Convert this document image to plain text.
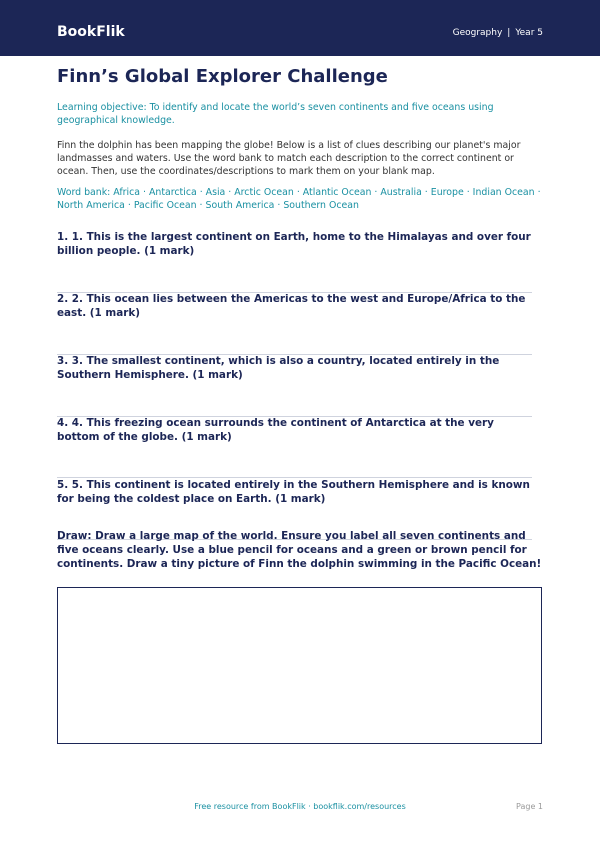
BookFlik	Geography | Year 5
Finn’s Global Explorer Challenge

Learning objective: To identify and locate the world’s seven continents and five oceans using geographical knowledge.

Finn the dolphin has been mapping the globe! Below is a list of clues describing our planet's major landmasses and waters. Use the word bank to match each description to the correct continent or ocean. Then, use the coordinates/descriptions to mark them on your blank map.

Word bank: Africa · Antarctica · Asia · Arctic Ocean · Atlantic Ocean · Australia · Europe · Indian Ocean · North America · Pacific Ocean · South America · Southern Ocean

1. 1. This is the largest continent on Earth, home to the Himalayas and over four billion people. (1 mark)

2. 2. This ocean lies between the Americas to the west and Europe/Africa to the east. (1 mark)

3. 3. The smallest continent, which is also a country, located entirely in the Southern Hemisphere. (1 mark)

4. 4. This freezing ocean surrounds the continent of Antarctica at the very bottom of the globe. (1 mark)

5. 5. This continent is located entirely in the Southern Hemisphere and is known for being the coldest place on Earth. (1 mark)

Draw: Draw a large map of the world. Ensure you label all seven continents and five oceans clearly. Use a blue pencil for oceans and a green or brown pencil for continents. Draw a tiny picture of Finn the dolphin swimming in the Pacific Ocean!

Free resource from BookFlik · bookflik.com/resources	Page 1
